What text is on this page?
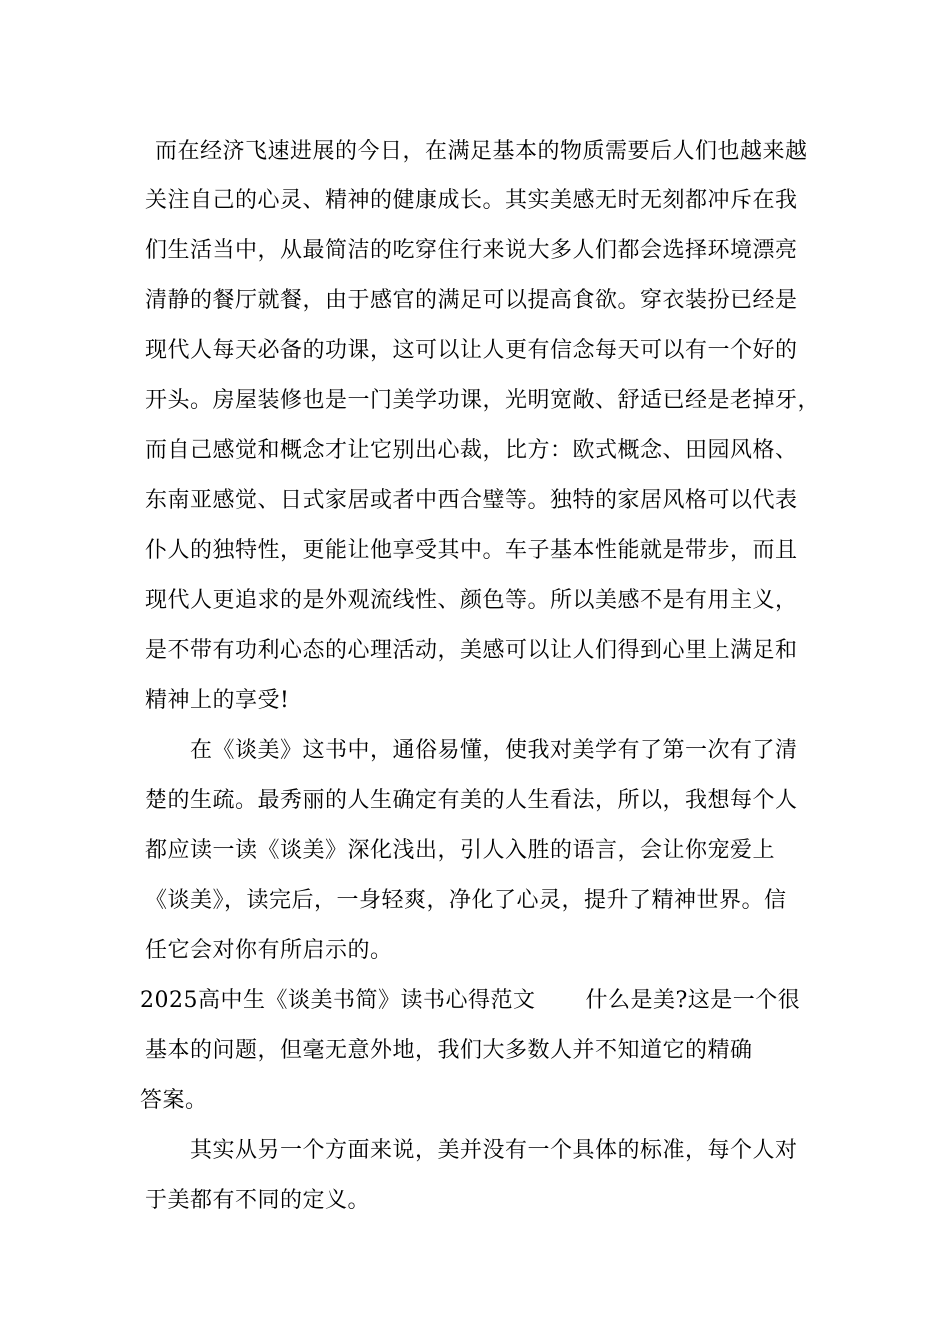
而在经济飞速进展的今日，在满足基本的物质需要后人们也越来越
关注自己的心灵、精神的健康成长。其实美感无时无刻都冲斥在我
们生活当中，从最简洁的吃穿住行来说大多人们都会选择环境漂亮
清静的餐厅就餐，由于感官的满足可以提高食欲。穿衣装扮已经是
现代人每天必备的功课，这可以让人更有信念每天可以有一个好的
开头。房屋装修也是一门美学功课，光明宽敞、舒适已经是老掉牙，
而自己感觉和概念才让它别出心裁，比方：欧式概念、田园风格、
东南亚感觉、日式家居或者中西合璧等。独特的家居风格可以代表
仆人的独特性，更能让他享受其中。车子基本性能就是带步，而且
现代人更追求的是外观流线性、颜色等。所以美感不是有用主义，
是不带有功利心态的心理活动，美感可以让人们得到心里上满足和
精神上的享受!
在《谈美》这书中，通俗易懂，使我对美学有了第一次有了清
楚的生疏。最秀丽的人生确定有美的人生看法，所以，我想每个人
都应读一读《谈美》深化浅出，引人入胜的语言，会让你宠爱上
《谈美》，读完后，一身轻爽，净化了心灵，提升了精神世界。信
任它会对你有所启示的。
2025高中生《谈美书简》读书心得范文 什么是美?这是一个很
基本的问题，但毫无意外地，我们大多数人并不知道它的精确
答案。
其实从另一个方面来说，美并没有一个具体的标准，每个人对
于美都有不同的定义。
